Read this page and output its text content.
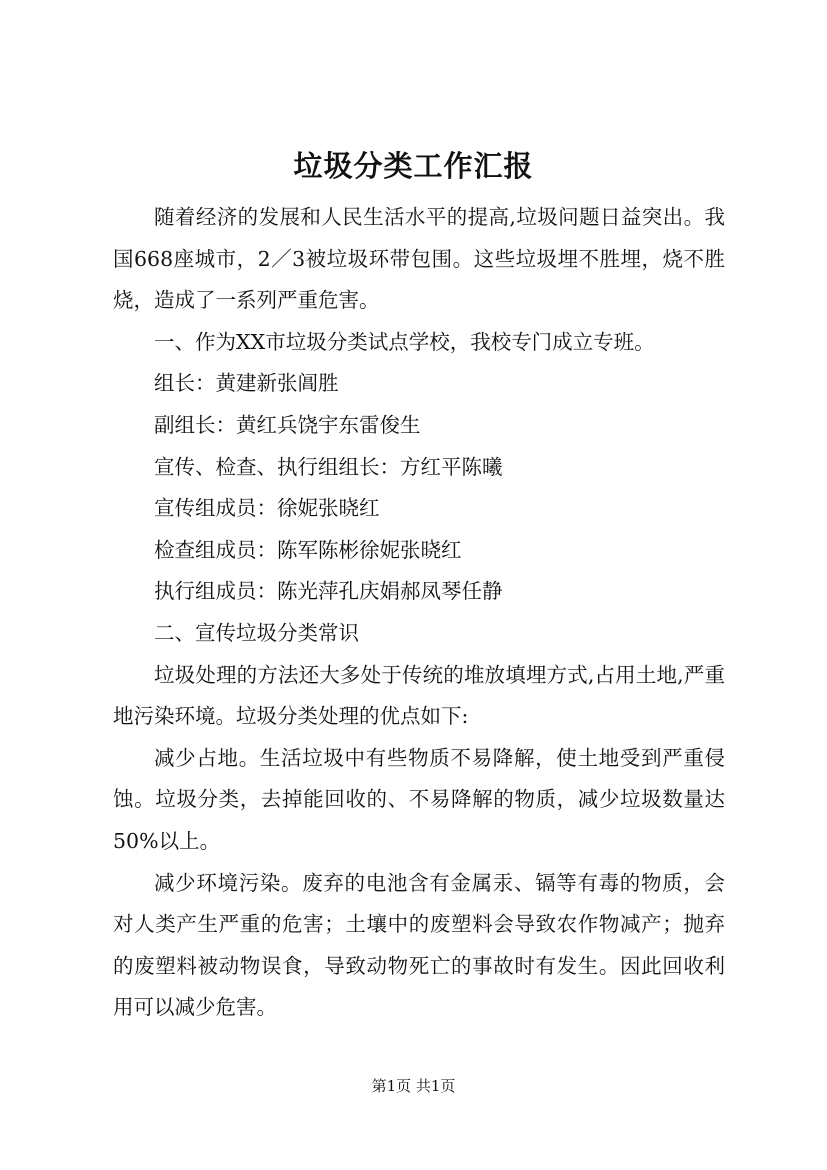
垃圾分类工作汇报

随着经济的发展和人民生活水平的提高,垃圾问题日益突出。我国668座城市，2／3被垃圾环带包围。这些垃圾埋不胜埋，烧不胜烧，造成了一系列严重危害。

一、作为XX市垃圾分类试点学校，我校专门成立专班。

组长：黄建新张阊胜

副组长：黄红兵饶宇东雷俊生

宣传、检查、执行组组长：方红平陈曦

宣传组成员：徐妮张晓红

检查组成员：陈军陈彬徐妮张晓红

执行组成员：陈光萍孔庆娟郝凤琴任静

二、宣传垃圾分类常识

垃圾处理的方法还大多处于传统的堆放填埋方式,占用土地,严重地污染环境。垃圾分类处理的优点如下:

减少占地。生活垃圾中有些物质不易降解，使土地受到严重侵蚀。垃圾分类，去掉能回收的、不易降解的物质，减少垃圾数量达50%以上。

减少环境污染。废弃的电池含有金属汞、镉等有毒的物质，会对人类产生严重的危害；土壤中的废塑料会导致农作物减产；抛弃的废塑料被动物误食，导致动物死亡的事故时有发生。因此回收利用可以减少危害。

第1页 共1页
